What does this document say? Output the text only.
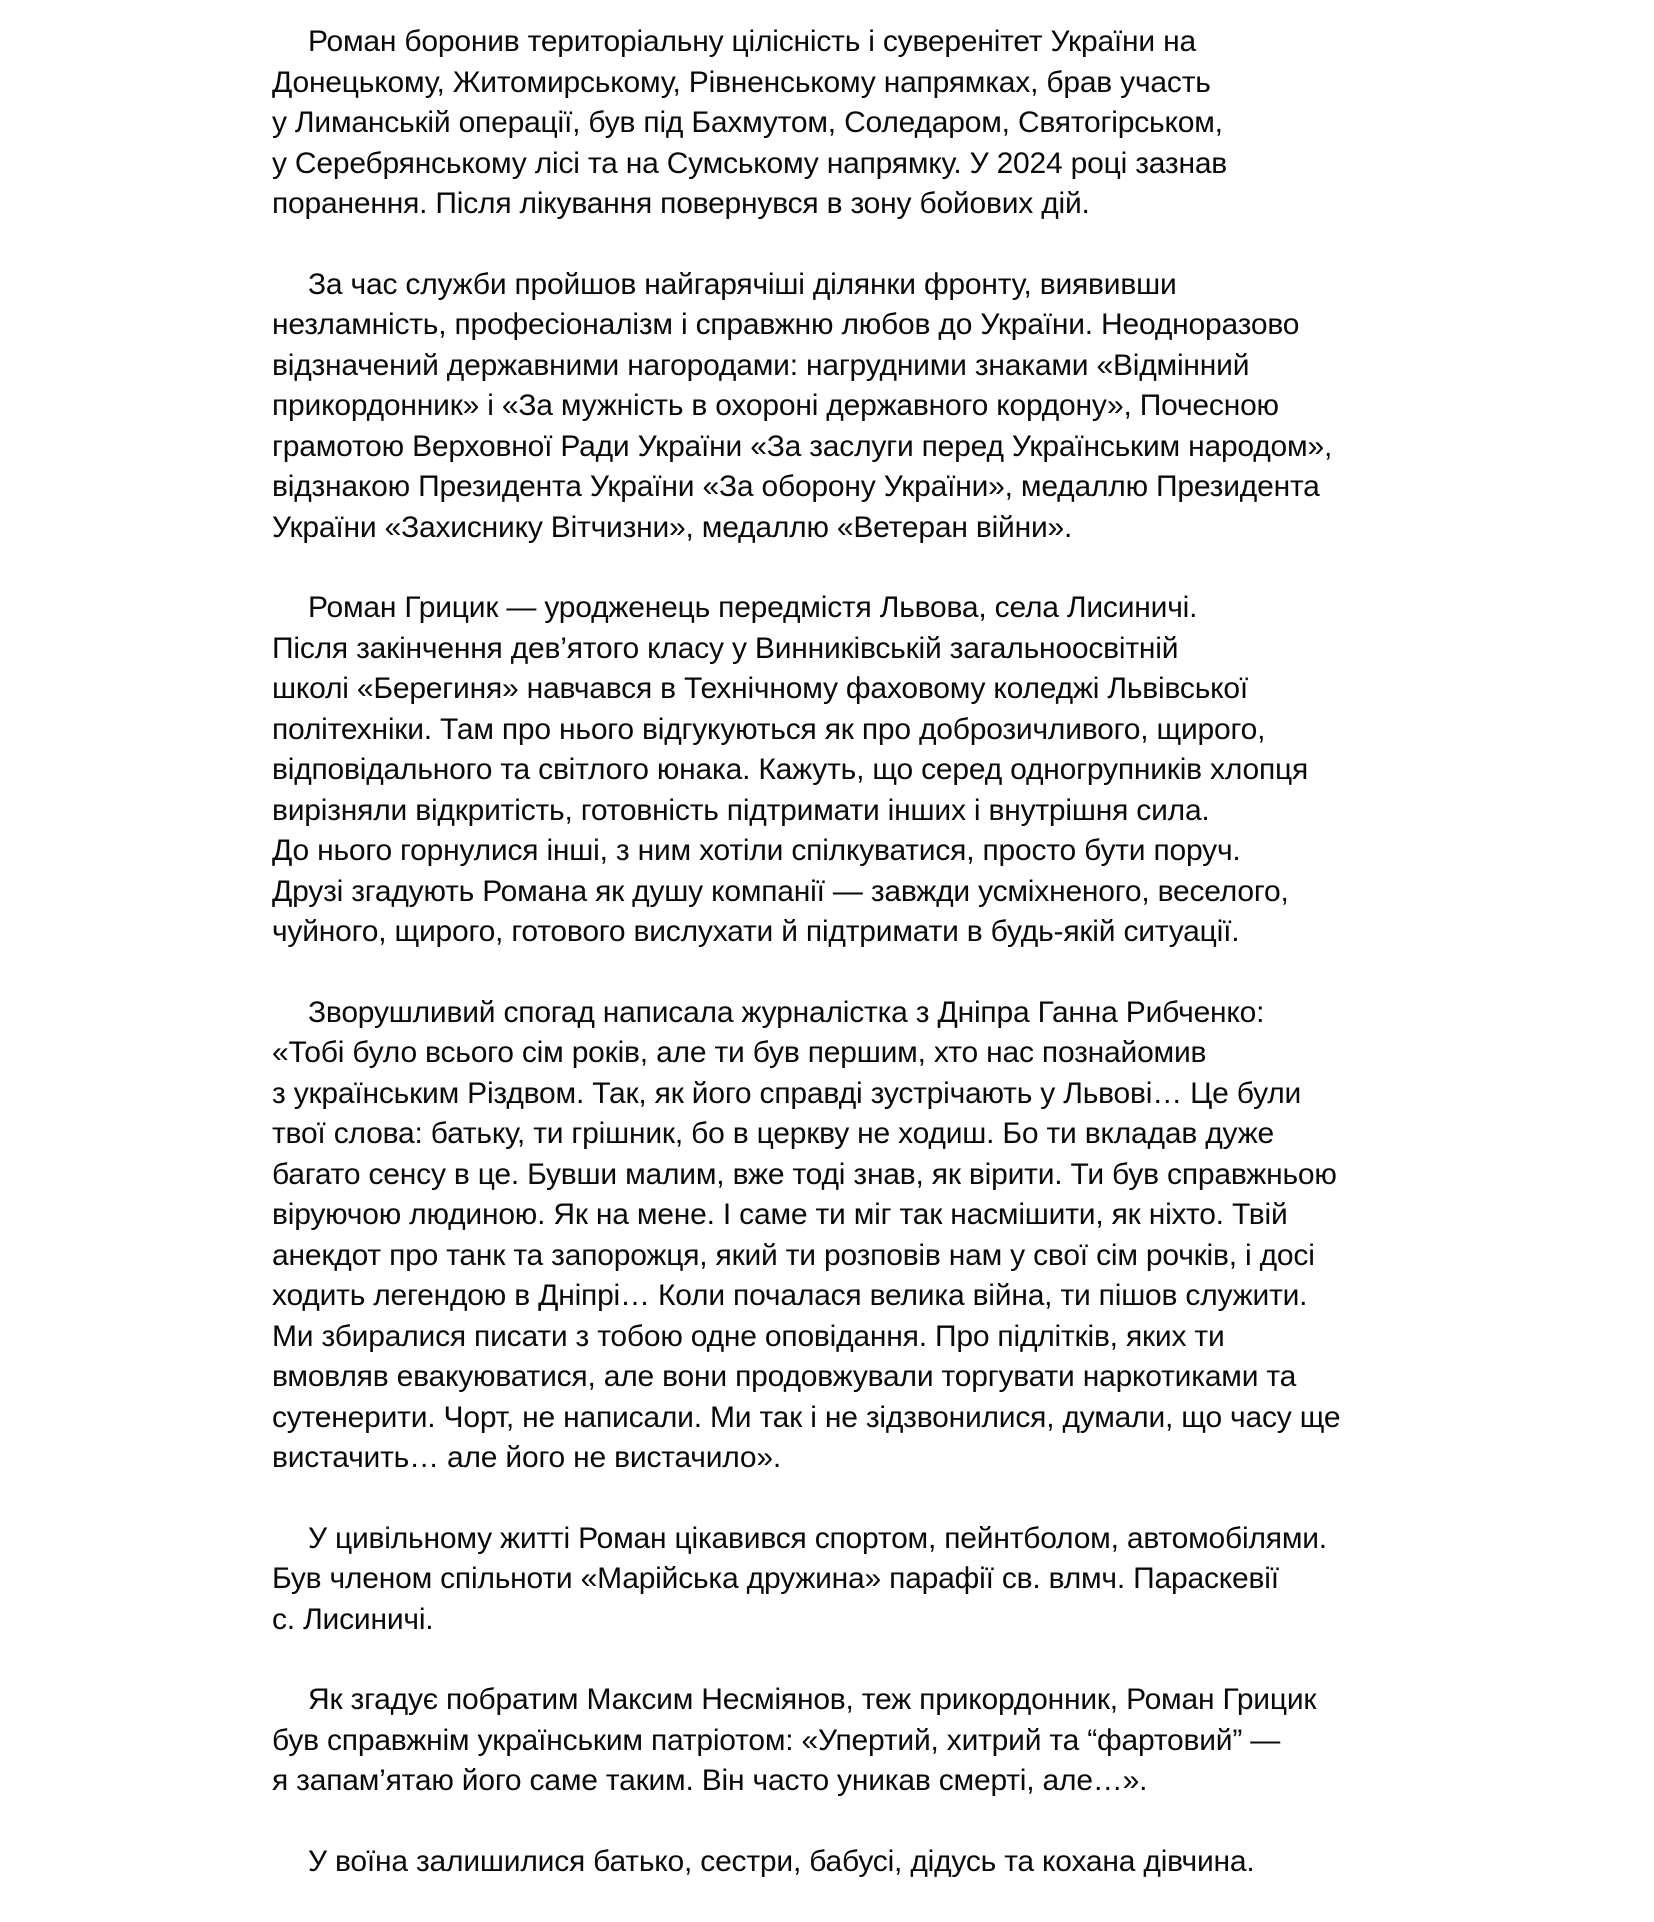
Роман боронив територіальну цілісність і суверенітет України на
Донецькому, Житомирському, Рівненському напрямках, брав участь
у Лиманській операції, був під Бахмутом, Соледаром, Святогірськом,
у Серебрянському лісі та на Сумському напрямку. У 2024 році зазнав
поранення. Після лікування повернувся в зону бойових дій.

За час служби пройшов найгарячіші ділянки фронту, виявивши
незламність, професіоналізм і справжню любов до України. Неодноразово
відзначений державними нагородами: нагрудними знаками «Відмінний
прикордонник» і «За мужність в охороні державного кордону», Почесною
грамотою Верховної Ради України «За заслуги перед Українським народом»,
відзнакою Президента України «За оборону України», медаллю Президента
України «Захиснику Вітчизни», медаллю «Ветеран війни».

Роман Грицик — уродженець передмістя Львова, села Лисиничі.
Після закінчення дев’ятого класу у Винниківській загальноосвітній
школі «Берегиня» навчався в Технічному фаховому коледжі Львівської
політехніки. Там про нього відгукуються як про доброзичливого, щирого,
відповідального та світлого юнака. Кажуть, що серед одногрупників хлопця
вирізняли відкритість, готовність підтримати інших і внутрішня сила.
До нього горнулися інші, з ним хотіли спілкуватися, просто бути поруч.
Друзі згадують Романа як душу компанії — завжди усміхненого, веселого,
чуйного, щирого, готового вислухати й підтримати в будь-якій ситуації.

Зворушливий спогад написала журналістка з Дніпра Ганна Рибченко:
«Тобі було всього сім років, але ти був першим, хто нас познайомив
з українським Різдвом. Так, як його справді зустрічають у Львові… Це були
твої слова: батьку, ти грішник, бо в церкву не ходиш. Бо ти вкладав дуже
багато сенсу в це. Бувши малим, вже тоді знав, як вірити. Ти був справжньою
віруючою людиною. Як на мене. І саме ти міг так насмішити, як ніхто. Твій
анекдот про танк та запорожця, який ти розповів нам у свої сім рочків, і досі
ходить легендою в Дніпрі… Коли почалася велика війна, ти пішов служити.
Ми збиралися писати з тобою одне оповідання. Про підлітків, яких ти
вмовляв евакуюватися, але вони продовжували торгувати наркотиками та
сутенерити. Чорт, не написали. Ми так і не зідзвонилися, думали, що часу ще
вистачить… але його не вистачило».

У цивільному житті Роман цікавився спортом, пейнтболом, автомобілями.
Був членом спільноти «Марійська дружина» парафії св. влмч. Параскевії
с. Лисиничі.

Як згадує побратим Максим Несміянов, теж прикордонник, Роман Грицик
був справжнім українським патріотом: «Упертий, хитрий та “фартовий” —
я запам’ятаю його саме таким. Він часто уникав смерті, але…».

У воїна залишилися батько, сестри, бабусі, дідусь та кохана дівчина.
